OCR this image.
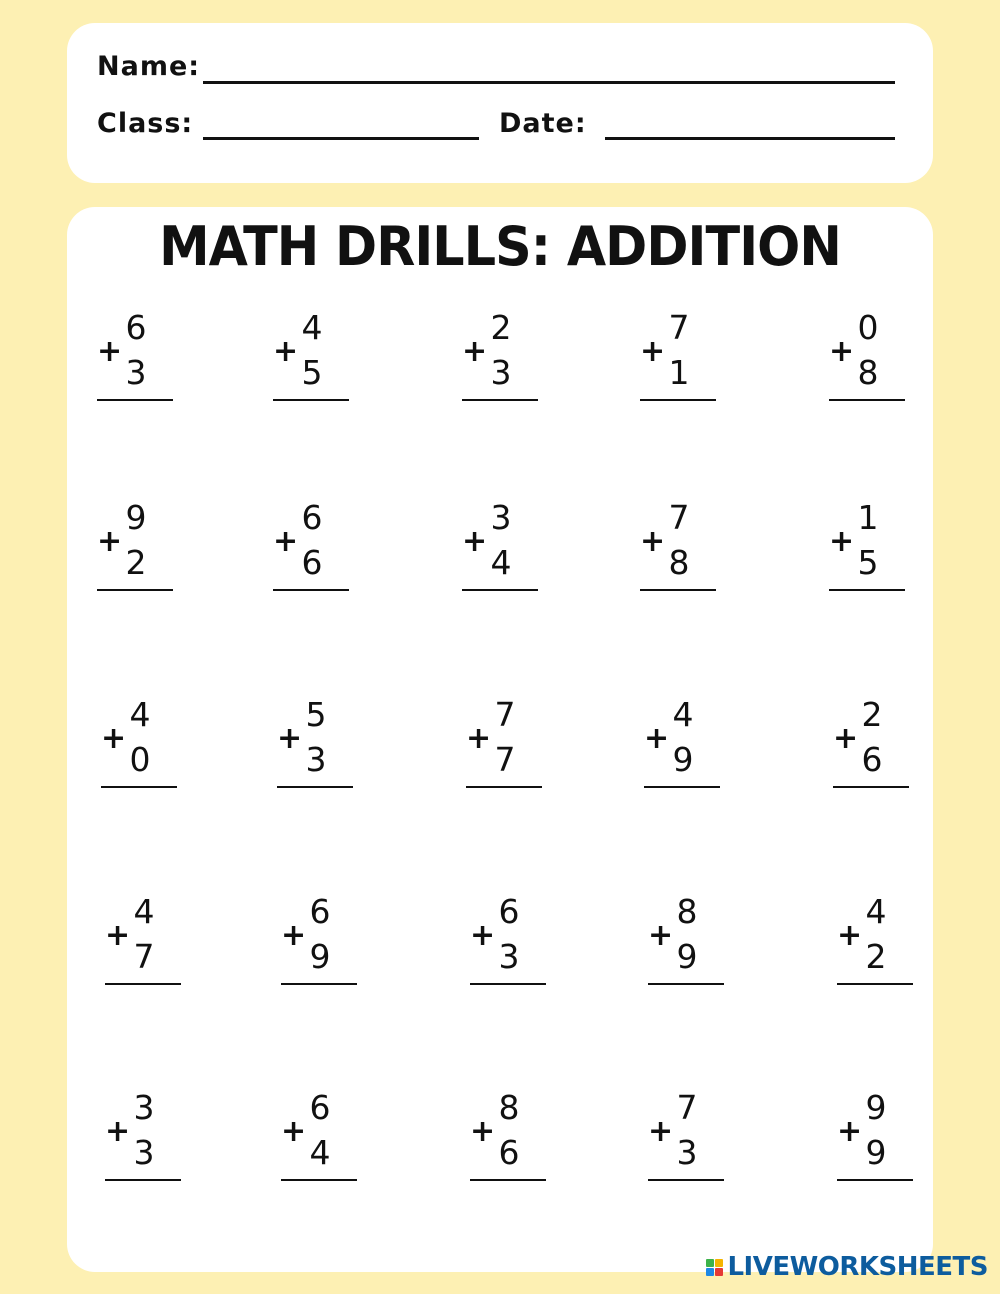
Name:
Class:	Date:
MATH DRILLS: ADDITION
+
6
3
+
4
5
+
2
3
+
7
1
+
0
8
+
9
2
+
6
6
+
3
4
+
7
8
+
1
5
+
4
0
+
5
3
+
7
7
+
4
9
+
2
6
+
4
7
+
6
9
+
6
3
+
8
9
+
4
2
+
3
3
+
6
4
+
8
6
+
7
3
+
9
9
LIVEWORKSHEETS
